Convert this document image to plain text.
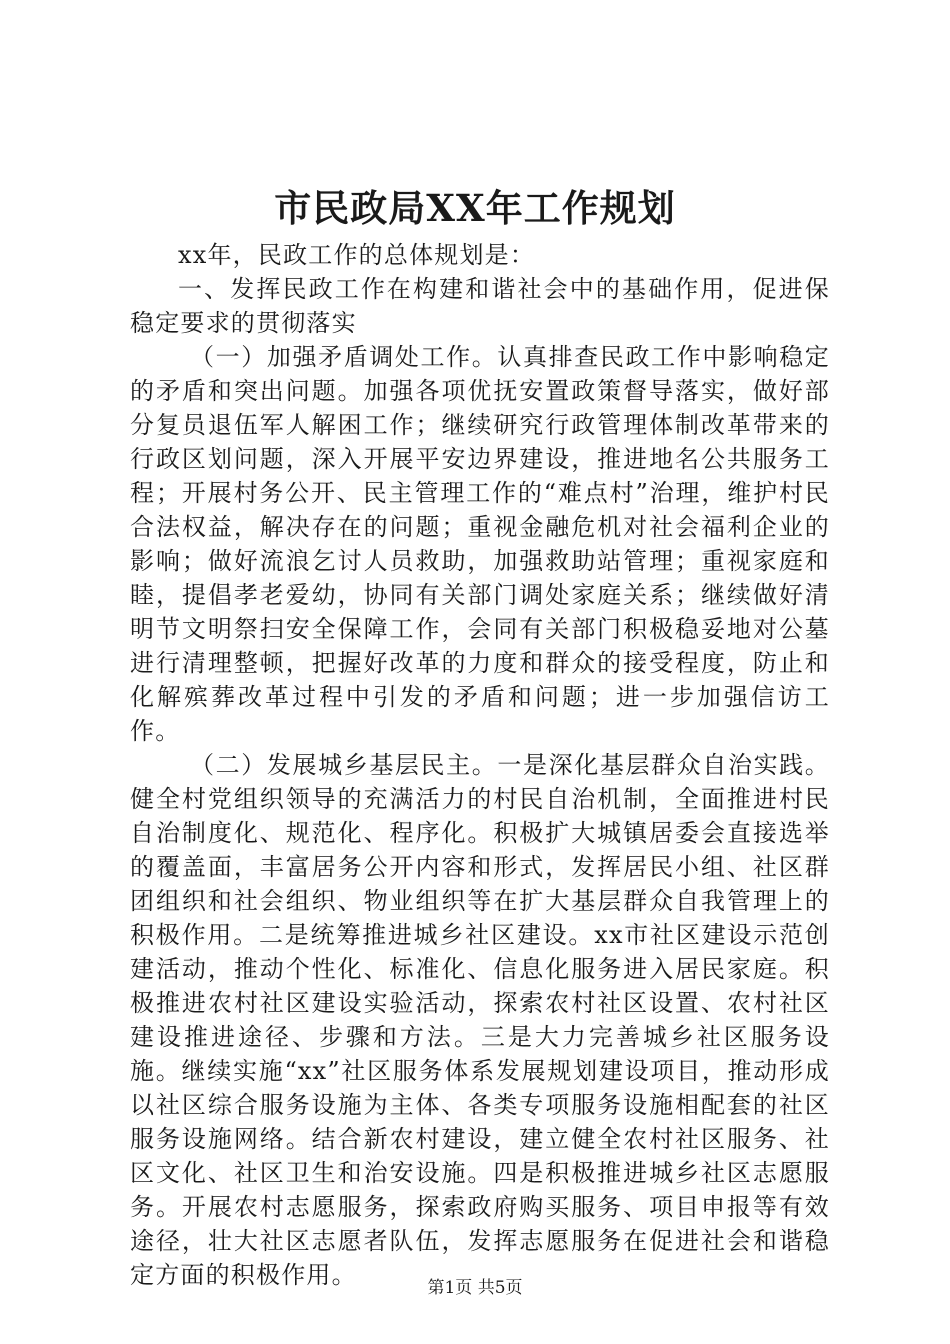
市民政局XX年工作规划

xx年，民政工作的总体规划是：

一、发挥民政工作在构建和谐社会中的基础作用，促进保稳定要求的贯彻落实

（一）加强矛盾调处工作。认真排查民政工作中影响稳定的矛盾和突出问题。加强各项优抚安置政策督导落实，做好部分复员退伍军人解困工作；继续研究行政管理体制改革带来的行政区划问题，深入开展平安边界建设，推进地名公共服务工程；开展村务公开、民主管理工作的“难点村”治理，维护村民合法权益，解决存在的问题；重视金融危机对社会福利企业的影响；做好流浪乞讨人员救助，加强救助站管理；重视家庭和睦，提倡孝老爱幼，协同有关部门调处家庭关系；继续做好清明节文明祭扫安全保障工作，会同有关部门积极稳妥地对公墓进行清理整顿，把握好改革的力度和群众的接受程度，防止和化解殡葬改革过程中引发的矛盾和问题；进一步加强信访工作。

（二）发展城乡基层民主。一是深化基层群众自治实践。健全村党组织领导的充满活力的村民自治机制，全面推进村民自治制度化、规范化、程序化。积极扩大城镇居委会直接选举的覆盖面，丰富居务公开内容和形式，发挥居民小组、社区群团组织和社会组织、物业组织等在扩大基层群众自我管理上的积极作用。二是统筹推进城乡社区建设。xx市社区建设示范创建活动，推动个性化、标准化、信息化服务进入居民家庭。积极推进农村社区建设实验活动，探索农村社区设置、农村社区建设推进途径、步骤和方法。三是大力完善城乡社区服务设施。继续实施“xx”社区服务体系发展规划建设项目，推动形成以社区综合服务设施为主体、各类专项服务设施相配套的社区服务设施网络。结合新农村建设，建立健全农村社区服务、社区文化、社区卫生和治安设施。四是积极推进城乡社区志愿服务。开展农村志愿服务，探索政府购买服务、项目申报等有效途径，壮大社区志愿者队伍，发挥志愿服务在促进社会和谐稳定方面的积极作用。	第1页 共5页
